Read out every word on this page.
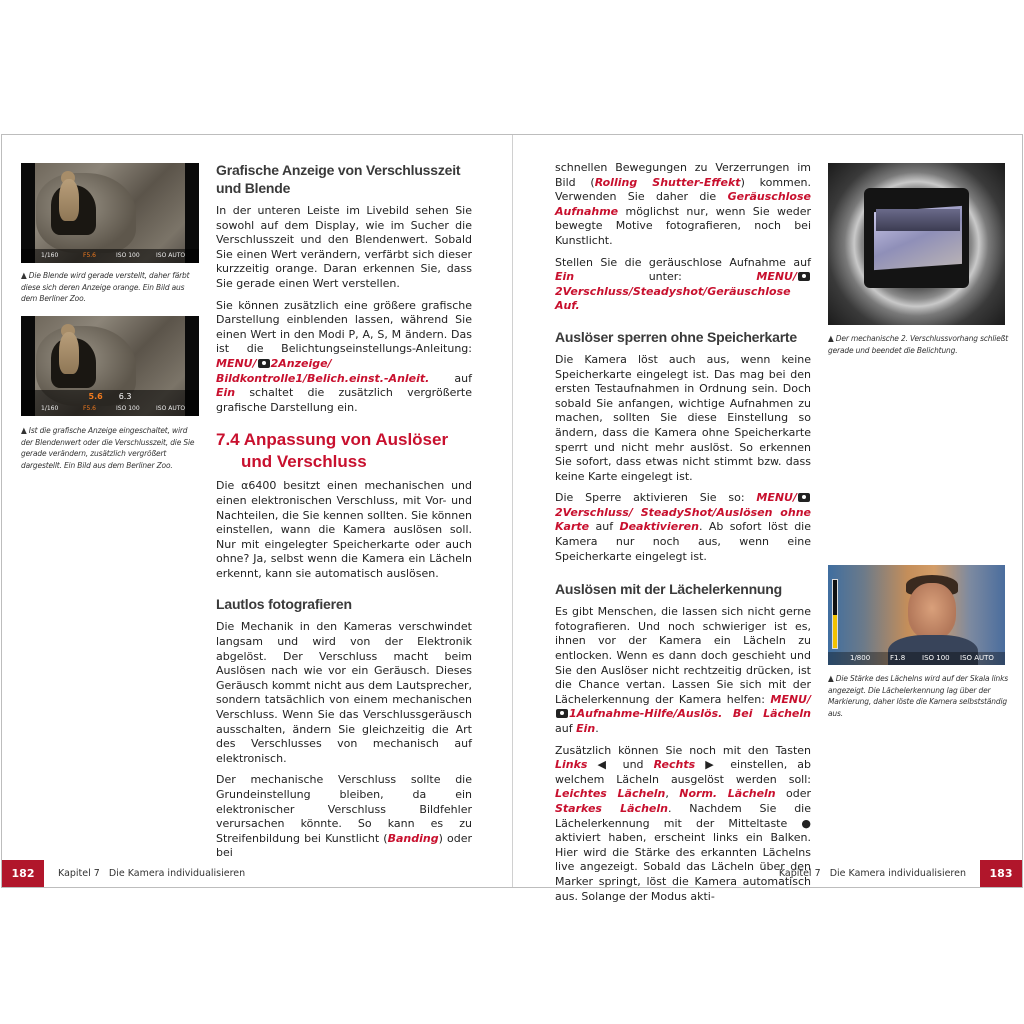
1/160	F5.6	ISO 100	ISO AUTO
▲ Die Blende wird gerade verstellt, daher färbt diese sich deren Anzeige orange. Ein Bild aus dem Berliner Zoo.
5.6 6.3
1/160	F5.6	ISO 100	ISO AUTO
▲ Ist die grafische Anzeige eingeschaltet, wird der Blendenwert oder die Verschlusszeit, die Sie gerade verändern, zusätzlich vergrößert dargestellt. Ein Bild aus dem Berliner Zoo.
Grafische Anzeige von Verschlusszeit und Blende

In der unteren Leiste im Livebild sehen Sie sowohl auf dem Display, wie im Sucher die Verschlusszeit und den Blendenwert. Sobald Sie einen Wert verändern, verfärbt sich dieser kurzzeitig orange. Daran erkennen Sie, dass Sie gerade einen Wert verstellen.

Sie können zusätzlich eine größere grafische Darstellung einblenden lassen, während Sie einen Wert in den Modi P, A, S, M ändern. Das ist die Belichtungseinstellungs-Anleitung: MENU/ 2Anzeige/ Bildkontrolle1/Belich.einst.-Anleit. auf Ein schaltet die zusätzlich vergrößerte grafische Darstellung ein.

7.4 Anpassung von Auslöser
und Verschluss

Die α6400 besitzt einen mechanischen und einen elektronischen Verschluss, mit Vor- und Nachteilen, die Sie kennen sollten. Sie können einstellen, wann die Kamera auslösen soll. Nur mit eingelegter Speicherkarte oder auch ohne? Ja, selbst wenn die Kamera ein Lächeln erkennt, kann sie automatisch auslösen.

Lautlos fotografieren

Die Mechanik in den Kameras verschwindet langsam und wird von der Elektronik abgelöst. Der Verschluss macht beim Auslösen nach wie vor ein Geräusch. Dieses Geräusch kommt nicht aus dem Lautsprecher, sondern tatsächlich von einem mechanischen Verschluss. Wenn Sie das Verschlussgeräusch ausschalten, ändern Sie gleichzeitig die Art des Verschlusses von mechanisch auf elektronisch.

Der mechanische Verschluss sollte die Grundeinstellung bleiben, da ein elektronischer Verschluss Bildfehler verursachen könnte. So kann es zu Streifenbildung bei Kunstlicht (Banding) oder bei

182	Kapitel 7   Die Kamera individualisieren

schnellen Bewegungen zu Verzerrungen im Bild (Rolling Shutter-Effekt) kommen. Verwenden Sie daher die Geräuschlose Aufnahme möglichst nur, wenn Sie weder bewegte Motive fotografieren, noch bei Kunstlicht.

Stellen Sie die geräuschlose Aufnahme auf Ein unter: MENU/2Verschluss/Steadyshot/Geräuschlose Auf.

Auslöser sperren ohne Speicherkarte

Die Kamera löst auch aus, wenn keine Speicherkarte eingelegt ist. Das mag bei den ersten Testaufnahmen in Ordnung sein. Doch sobald Sie anfangen, wichtige Aufnahmen zu machen, sollten Sie diese Einstellung so ändern, dass die Kamera ohne Speicherkarte sperrt und nicht mehr auslöst. So erkennen Sie sofort, dass etwas nicht stimmt bzw. dass keine Karte eingelegt ist.

Die Sperre aktivieren Sie so: MENU/2Verschluss/ SteadyShot/Auslösen ohne Karte auf Deaktivieren. Ab sofort löst die Kamera nur noch aus, wenn eine Speicherkarte eingelegt ist.

Auslösen mit der Lächelerkennung

Es gibt Menschen, die lassen sich nicht gerne fotografieren. Und noch schwieriger ist es, ihnen vor der Kamera ein Lächeln zu entlocken. Wenn es dann doch geschieht und Sie den Auslöser nicht rechtzeitig drücken, ist die Chance vertan. Lassen Sie sich mit der Lächelerkennung der Kamera helfen: MENU/1Aufnahme-Hilfe/Auslös. Bei Lächeln auf Ein.

Zusätzlich können Sie noch mit den Tasten Links ◀ und Rechts ▶ einstellen, ab welchem Lächeln ausgelöst werden soll: Leichtes Lächeln, Norm. Lächeln oder Starkes Lächeln. Nachdem Sie die Lächelerkennung mit der Mitteltaste ● aktiviert haben, erscheint links ein Balken. Hier wird die Stärke des erkannten Lächelns live angezeigt. Sobald das Lächeln über den Marker springt, löst die Kamera automatisch aus. Solange der Modus akti-

▲ Der mechanische 2. Verschlussvorhang schließt gerade und beendet die Belichtung.
1/800	F1.8 ISO 100 ISO AUTO
▲ Die Stärke des Lächelns wird auf der Skala links angezeigt. Die Lächelerkennung lag über der Markierung, daher löste die Kamera selbstständig aus.
Kapitel 7   Die Kamera individualisieren	183
